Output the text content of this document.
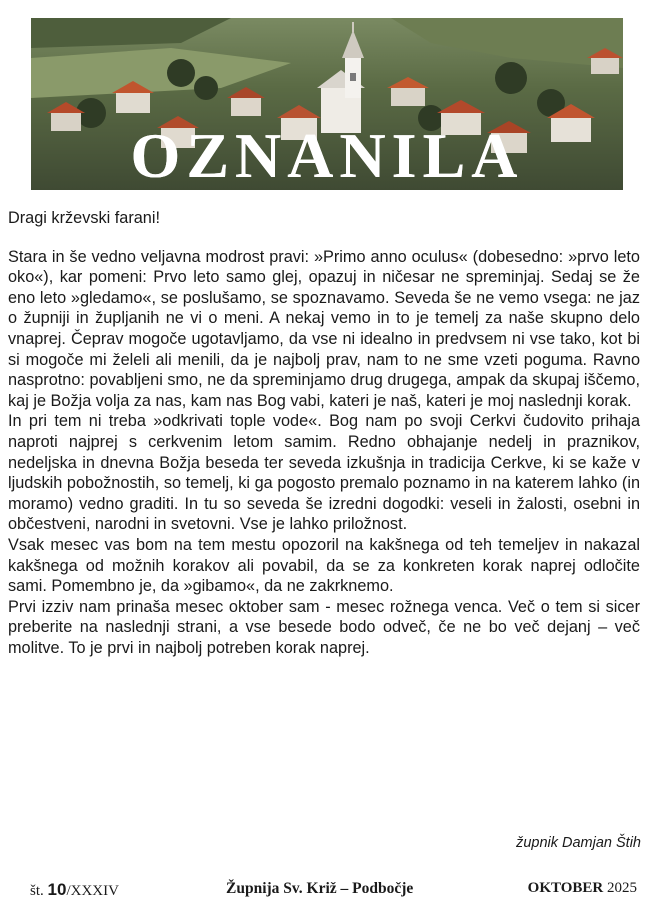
OZNANILA

Dragi krževski farani!

Stara in še vedno veljavna modrost pravi: »Primo anno oculus« (dobesedno: »prvo leto oko«), kar pomeni: Prvo leto samo glej, opazuj in ničesar ne spreminjaj. Sedaj se že eno leto »gledamo«, se poslušamo, se spoznavamo. Seveda še ne vemo vsega: ne jaz o župniji in župljanih ne vi o meni. A nekaj vemo in to je temelj za naše skupno delo vnaprej. Čeprav mogoče ugotavljamo, da vse ni idealno in predvsem ni vse tako, kot bi si mogoče mi želeli ali menili, da je najbolj prav, nam to ne sme vzeti poguma. Ravno nasprotno: povabljeni smo, ne da spreminjamo drug drugega, ampak da skupaj iščemo, kaj je Božja volja za nas, kam nas Bog vabi, kateri je naš, kateri je moj naslednji korak.

In pri tem ni treba »odkrivati tople vode«. Bog nam po svoji Cerkvi čudovito prihaja naproti najprej s cerkvenim letom samim. Redno obhajanje nedelj in praznikov, nedeljska in dnevna Božja beseda ter seveda izkušnja in tradicija Cerkve, ki se kaže v ljudskih pobožnostih, so temelj, ki ga pogosto premalo poznamo in na katerem lahko (in moramo) vedno graditi. In tu so seveda še izredni dogodki: veseli in žalosti, osebni in občestveni, narodni in svetovni. Vse je lahko priložnost.

Vsak mesec vas bom na tem mestu opozoril na kakšnega od teh temeljev in nakazal kakšnega od možnih korakov ali povabil, da se za konkreten korak naprej odločite sami. Pomembno je, da »gibamo«, da ne zakrknemo.

Prvi izziv nam prinaša mesec oktober sam - mesec rožnega venca. Več o tem si sicer preberite na naslednji strani, a vse besede bodo odveč, če ne bo več dejanj – več molitve. To je prvi in najbolj potreben korak naprej.

župnik Damjan Štih
št. 10/XXXIV	Župnija Sv. Križ – Podbočje	OKTOBER 2025
